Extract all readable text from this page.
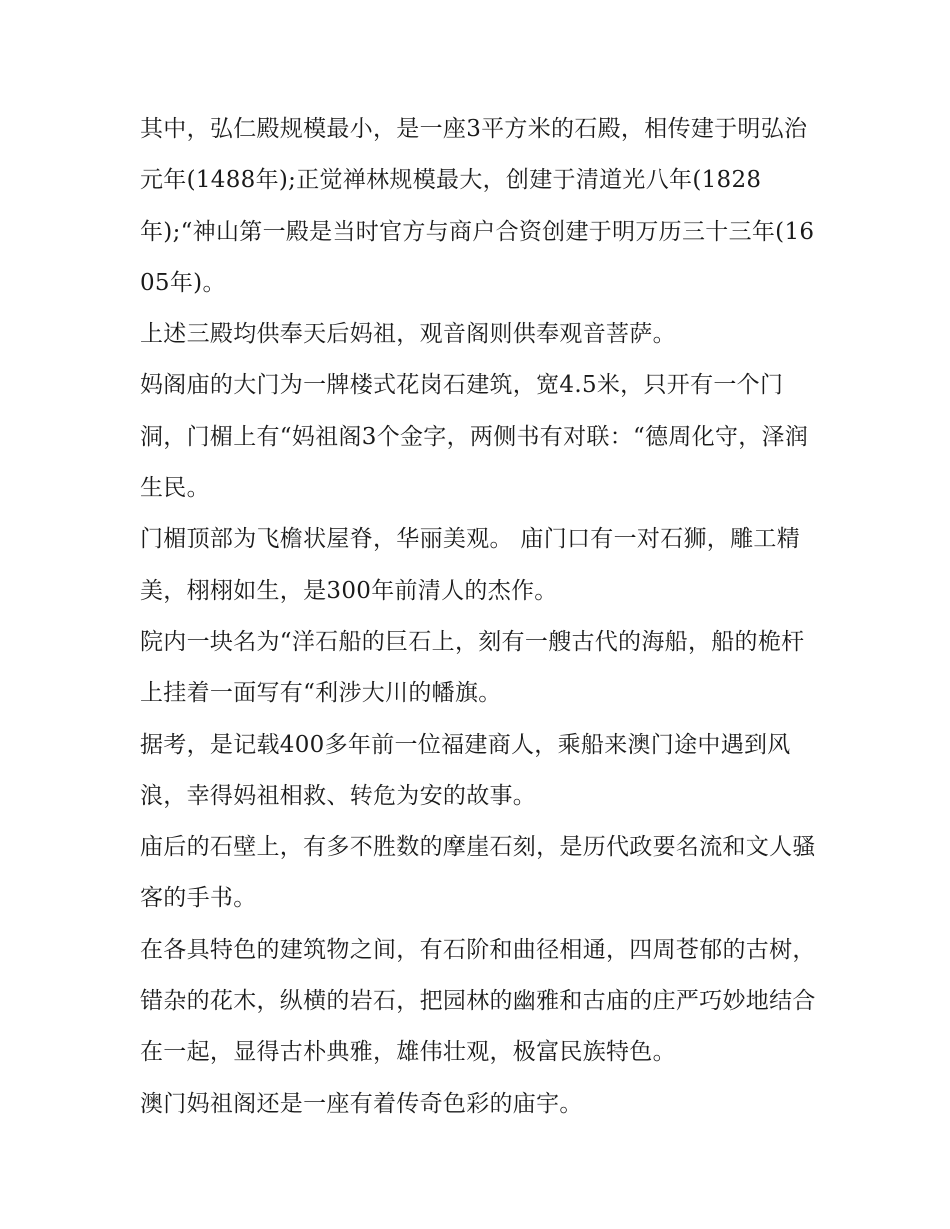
其中，弘仁殿规模最小，是一座3平方米的石殿，相传建于明弘治元年(1488年);正觉禅林规模最大，创建于清道光八年(1828年);“神山第一殿是当时官方与商户合资创建于明万历三十三年(1605年)。

上述三殿均供奉天后妈祖，观音阁则供奉观音菩萨。

妈阁庙的大门为一牌楼式花岗石建筑，宽4.5米，只开有一个门洞，门楣上有“妈祖阁3个金字，两侧书有对联：“德周化守，泽润生民。

门楣顶部为飞檐状屋脊，华丽美观。 庙门口有一对石狮，雕工精美，栩栩如生，是300年前清人的杰作。

院内一块名为“洋石船的巨石上，刻有一艘古代的海船，船的桅杆上挂着一面写有“利涉大川的幡旗。

据考，是记载400多年前一位福建商人，乘船来澳门途中遇到风浪，幸得妈祖相救、转危为安的故事。

庙后的石壁上，有多不胜数的摩崖石刻，是历代政要名流和文人骚客的手书。

在各具特色的建筑物之间，有石阶和曲径相通，四周苍郁的古树，错杂的花木，纵横的岩石，把园林的幽雅和古庙的庄严巧妙地结合在一起，显得古朴典雅，雄伟壮观，极富民族特色。

澳门妈祖阁还是一座有着传奇色彩的庙宇。
